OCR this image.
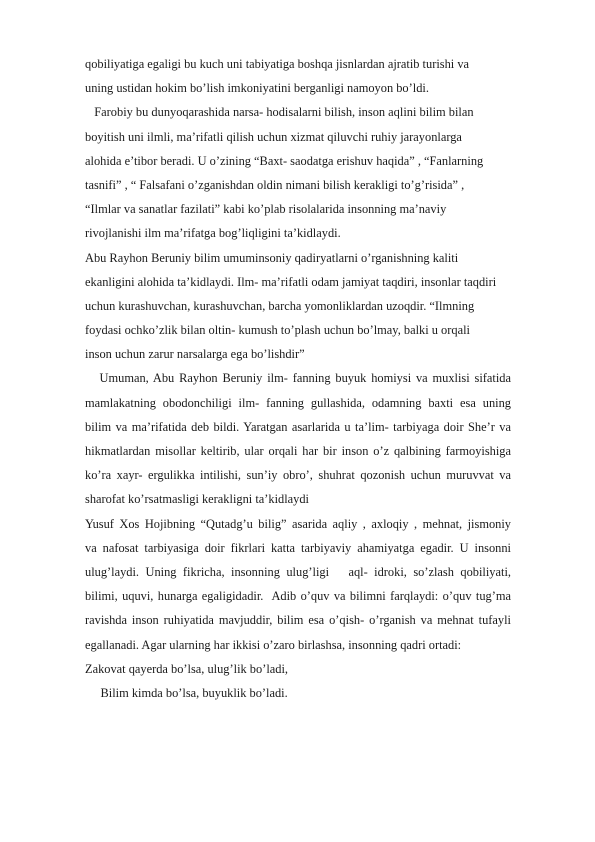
qobiliyatiga egaligi bu kuch uni tabiyatiga boshqa jisnlardan ajratib turishi va
uning ustidan hokim bo’lish imkoniyatini berganligi namoyon bo’ldi.
Farobiy bu dunyoqarashida narsa- hodisalarni bilish, inson aqlini bilim bilan
boyitish uni ilmli, ma’rifatli qilish uchun xizmat qiluvchi ruhiy jarayonlarga
alohida e’tibor beradi. U o’zining “Baxt- saodatga erishuv haqida” , “Fanlarning
tasnifi” , “ Falsafani o’zganishdan oldin nimani bilish kerakligi to’g’risida” ,
“Ilmlar va sanatlar fazilati” kabi ko’plab risolalarida insonning ma’naviy
rivojlanishi ilm ma’rifatga bog’liqligini ta’kidlaydi.
Abu Rayhon Beruniy bilim umuminsoniy qadiryatlarni o’rganishning kaliti
ekanligini alohida ta’kidlaydi. Ilm- ma’rifatli odam jamiyat taqdiri, insonlar taqdiri
uchun kurashuvchan, kurashuvchan, barcha yomonliklardan uzoqdir. “Ilmning
foydasi ochko’zlik bilan oltin- kumush to’plash uchun bo’lmay, balki u orqali
inson uchun zarur narsalarga ega bo’lishdir”
Umuman, Abu Rayhon Beruniy ilm- fanning buyuk homiysi va muxlisi sifatida
mamlakatning obodonchiligi ilm- fanning gullashida, odamning baxti esa uning
bilim va ma’rifatida deb bildi. Yaratgan asarlarida u ta’lim- tarbiyaga doir She’r va
hikmatlardan misollar keltirib, ular orqali har bir inson o’z qalbining farmoyishiga
ko’ra xayr- ergulikka intilishi, sun’iy obro’, shuhrat qozonish uchun muruvvat va
sharofat ko’rsatmasligi kerakligni ta’kidlaydi
Yusuf Xos Hojibning “Qutadg’u bilig” asarida aqliy , axloqiy , mehnat, jismoniy
va nafosat tarbiyasiga doir fikrlari katta tarbiyaviy ahamiyatga egadir. U insonni
ulug’laydi. Uning fikricha, insonning ulug’ligi   aql- idroki, so’zlash qobiliyati,
bilimi, uquvi, hunarga egaligidadir.  Adib o’quv va bilimni farqlaydi: o’quv tug’ma
ravishda inson ruhiyatida mavjuddir, bilim esa o’qish- o’rganish va mehnat tufayli
egallanadi. Agar ularning har ikkisi o’zaro birlashsa, insonning qadri ortadi:
Zakovat qayerda bo’lsa, ulug’lik bo’ladi,
Bilim kimda bo’lsa, buyuklik bo’ladi.
